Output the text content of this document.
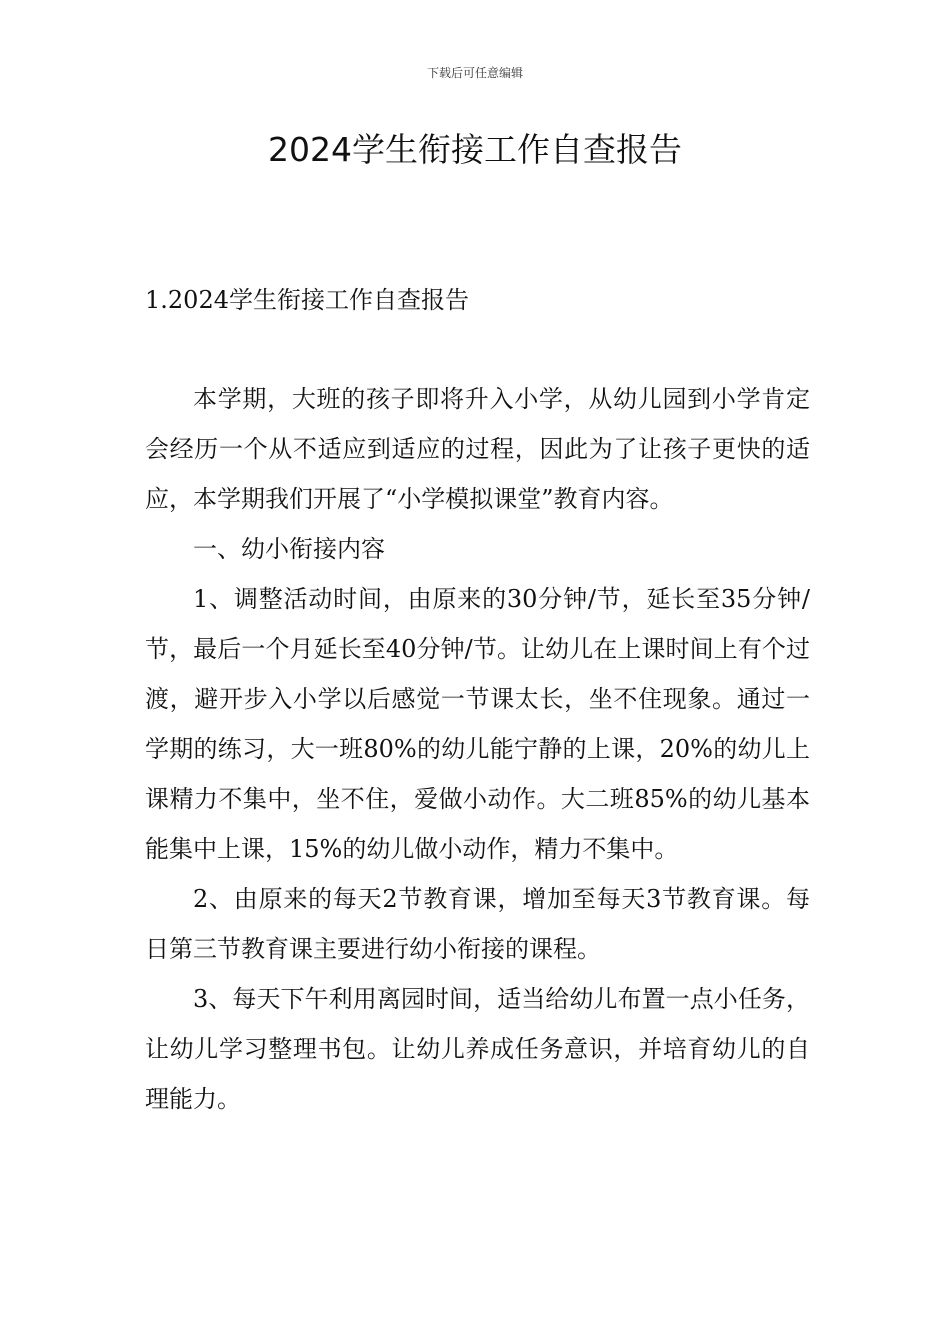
下载后可任意编辑
2024学生衔接工作自查报告
1.2024学生衔接工作自查报告

本学期，大班的孩子即将升入小学，从幼儿园到小学肯定会经历一个从不适应到适应的过程，因此为了让孩子更快的适应，本学期我们开展了“小学模拟课堂”教育内容。

一、幼小衔接内容

1、调整活动时间，由原来的30分钟/节，延长至35分钟/节，最后一个月延长至40分钟/节。让幼儿在上课时间上有个过渡，避开步入小学以后感觉一节课太长，坐不住现象。通过一学期的练习，大一班80%的幼儿能宁静的上课，20%的幼儿上课精力不集中，坐不住，爱做小动作。大二班85%的幼儿基本能集中上课，15%的幼儿做小动作，精力不集中。

2、由原来的每天2节教育课，增加至每天3节教育课。每日第三节教育课主要进行幼小衔接的课程。

3、每天下午利用离园时间，适当给幼儿布置一点小任务，让幼儿学习整理书包。让幼儿养成任务意识，并培育幼儿的自理能力。
